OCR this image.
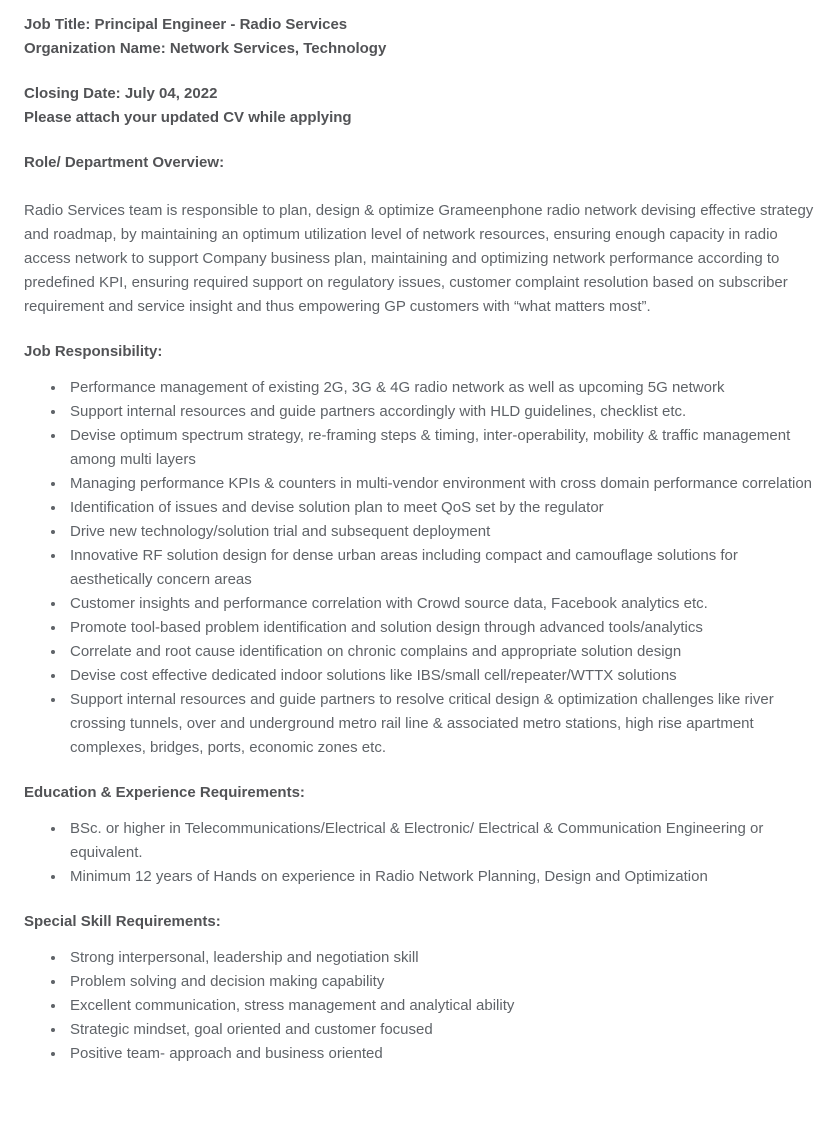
Job Title: Principal Engineer - Radio Services

Organization Name: Network Services, Technology

Closing Date: July 04, 2022

Please attach your updated CV while applying

Role/ Department Overview:

Radio Services team is responsible to plan, design & optimize Grameenphone radio network devising effective strategy and roadmap, by maintaining an optimum utilization level of network resources, ensuring enough capacity in radio access network to support Company business plan, maintaining and optimizing network performance according to predefined KPI, ensuring required support on regulatory issues, customer complaint resolution based on subscriber requirement and service insight and thus empowering GP customers with “what matters most”.

Job Responsibility:
• Performance management of existing 2G, 3G & 4G radio network as well as upcoming 5G network
• Support internal resources and guide partners accordingly with HLD guidelines, checklist etc.
• Devise optimum spectrum strategy, re-framing steps & timing, inter-operability, mobility & traffic management among multi layers
• Managing performance KPIs & counters in multi-vendor environment with cross domain performance correlation
• Identification of issues and devise solution plan to meet QoS set by the regulator
• Drive new technology/solution trial and subsequent deployment
• Innovative RF solution design for dense urban areas including compact and camouflage solutions for aesthetically concern areas
• Customer insights and performance correlation with Crowd source data, Facebook analytics etc.
• Promote tool-based problem identification and solution design through advanced tools/analytics
• Correlate and root cause identification on chronic complains and appropriate solution design
• Devise cost effective dedicated indoor solutions like IBS/small cell/repeater/WTTX solutions
• Support internal resources and guide partners to resolve critical design & optimization challenges like river crossing tunnels, over and underground metro rail line & associated metro stations, high rise apartment complexes, bridges, ports, economic zones etc.
Education & Experience Requirements:
• BSc. or higher in Telecommunications/Electrical & Electronic/ Electrical & Communication Engineering or equivalent.
• Minimum 12 years of Hands on experience in Radio Network Planning, Design and Optimization
Special Skill Requirements:
• Strong interpersonal, leadership and negotiation skill
• Problem solving and decision making capability
• Excellent communication, stress management and analytical ability
• Strategic mindset, goal oriented and customer focused
• Positive team- approach and business oriented
